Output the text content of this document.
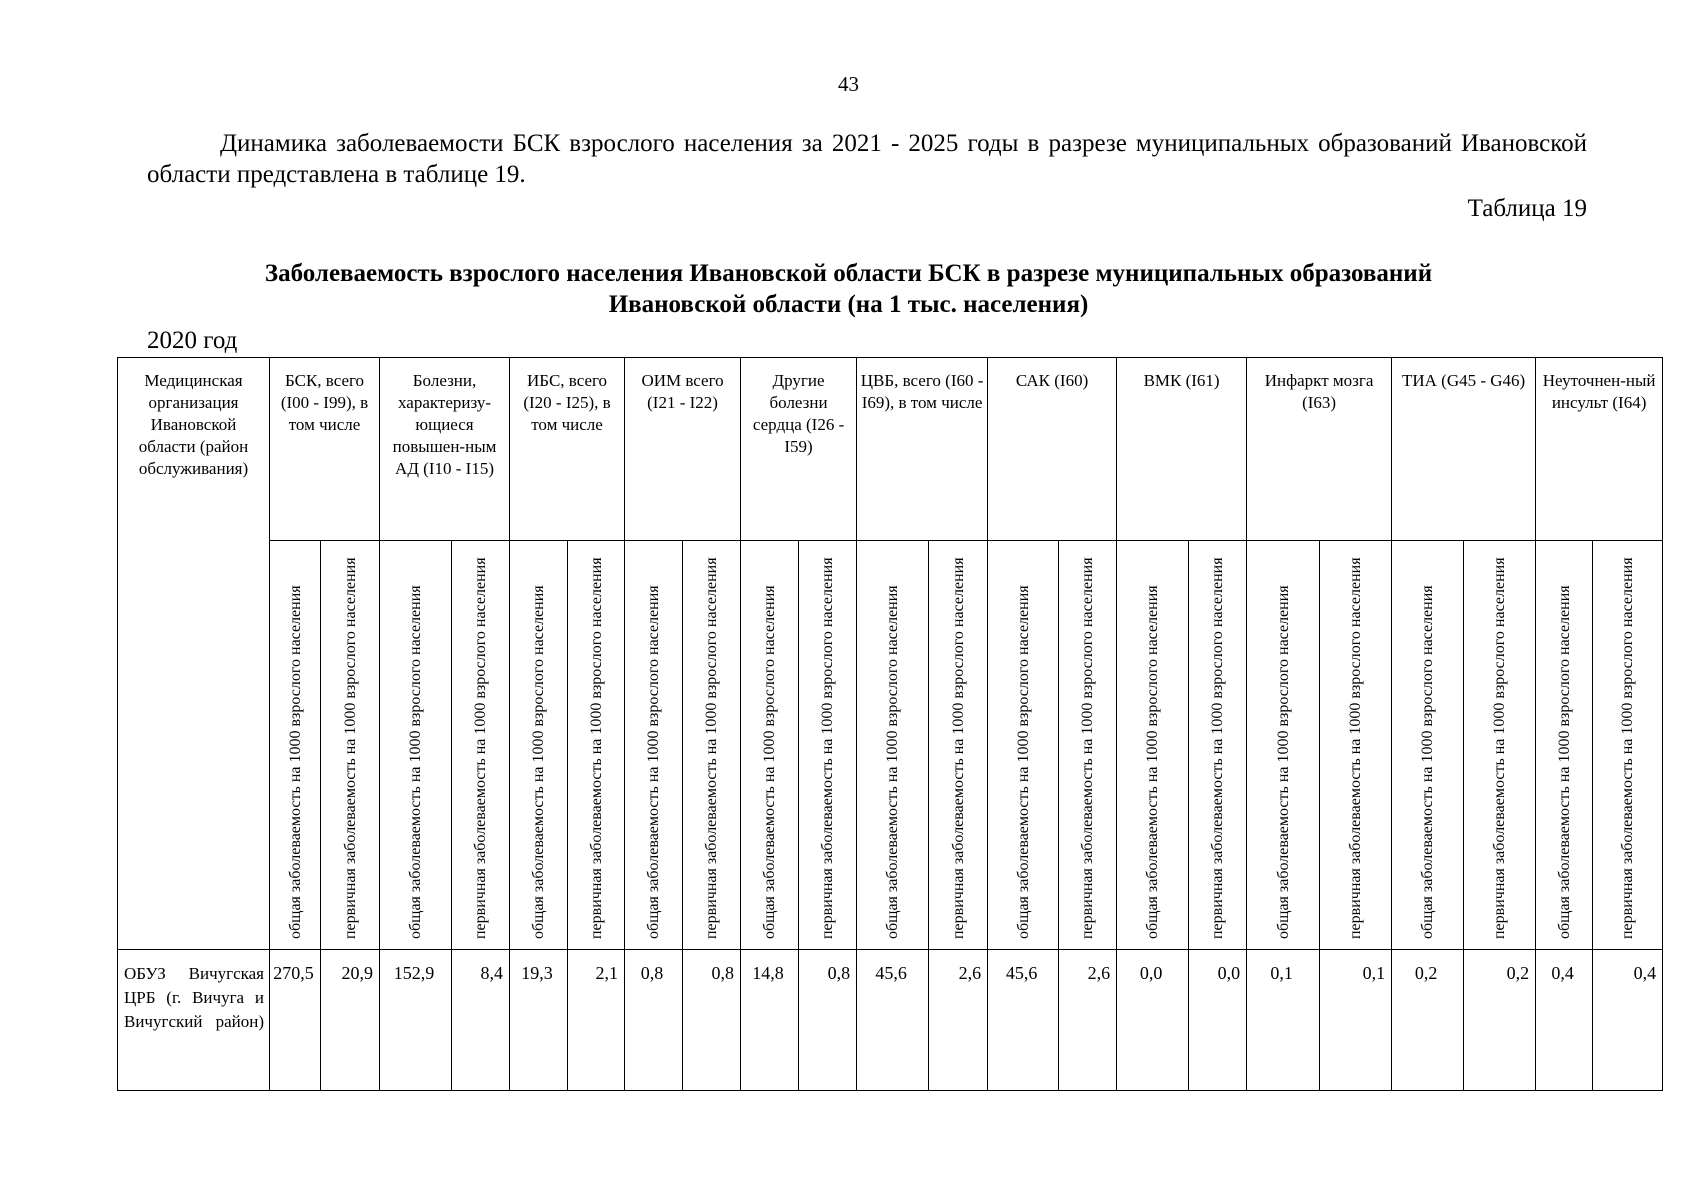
43
Динамика заболеваемости БСК взрослого населения за 2021 - 2025 годы в разрезе муниципальных образований Ивановской области представлена в таблице 19.
Таблица 19
Заболеваемость взрослого населения Ивановской области БСК в разрезе муниципальных образований
Ивановской области (на 1 тыс. населения)
2020 год
Медицинская организация Ивановской области (район обслуживания)	БСК, всего (I00 - I99), в том числе		Болезни, характеризу-ющиеся повышен-ным АД (I10 - I15)		ИБС, всего (I20 - I25), в том числе		ОИМ всего (I21 - I22)		Другие болезни сердца (I26 - I59)		ЦВБ, всего (I60 - I69), в том числе		САК (I60)		ВМК (I61)		Инфаркт мозга (I63)		ТИА (G45 - G46)		Неуточнен-ный инсульт (I64)	

	общая заболеваемость на 1000 взрослого населения	первичная заболеваемость на 1000 взрослого населения	общая заболеваемость на 1000 взрослого населения	первичная заболеваемость на 1000 взрослого населения	общая заболеваемость на 1000 взрослого населения	первичная заболеваемость на 1000 взрослого населения	общая заболеваемость на 1000 взрослого населения	первичная заболеваемость на 1000 взрослого населения	общая заболеваемость на 1000 взрослого населения	первичная заболеваемость на 1000 взрослого населения	общая заболеваемость на 1000 взрослого населения	первичная заболеваемость на 1000 взрослого населения	общая заболеваемость на 1000 взрослого населения	первичная заболеваемость на 1000 взрослого населения	общая заболеваемость на 1000 взрослого населения	первичная заболеваемость на 1000 взрослого населения	общая заболеваемость на 1000 взрослого населения	первичная заболеваемость на 1000 взрослого населения	общая заболеваемость на 1000 взрослого населения	первичная заболеваемость на 1000 взрослого населения	общая заболеваемость на 1000 взрослого населения	первичная заболеваемость на 1000 взрослого населения

ОБУЗ Вичугская ЦРБ (г. Вичуга и Вичугский район)	270,5	20,9	152,9	8,4	19,3	2,1	0,8	0,8	14,8	0,8	45,6	2,6	45,6	2,6	0,0	0,0	0,1	0,1	0,2	0,2	0,4	0,4
